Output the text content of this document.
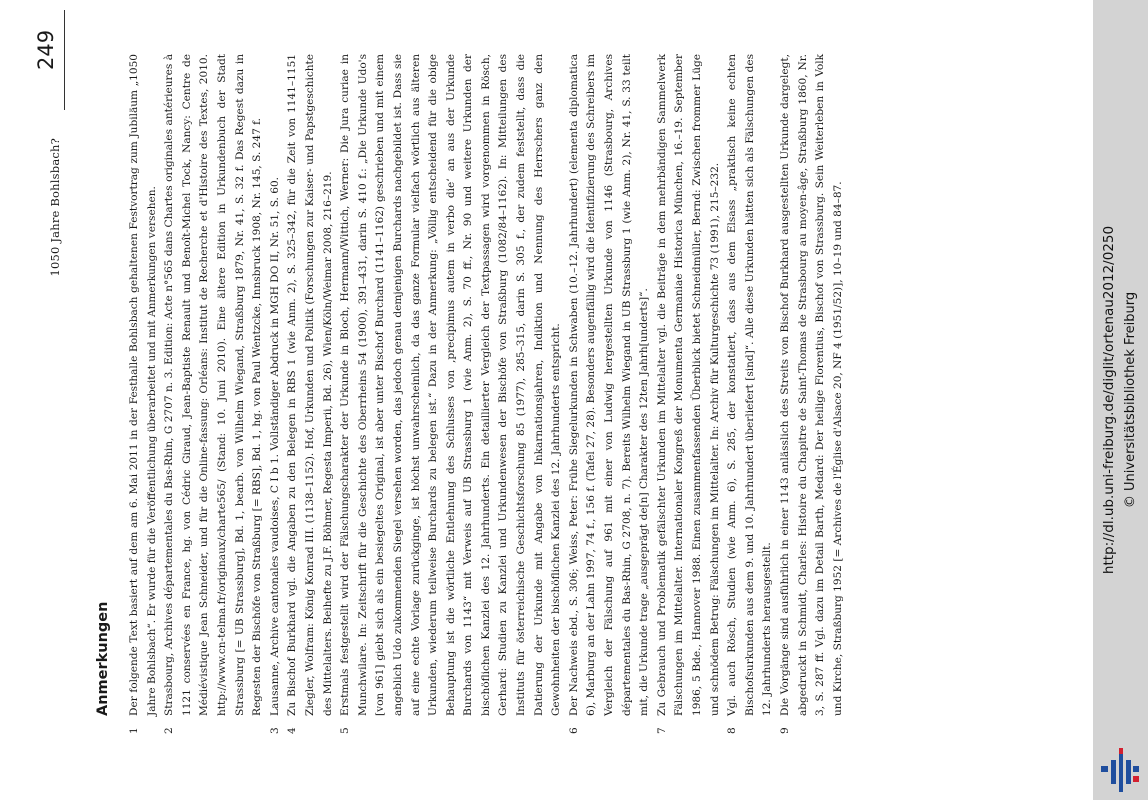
1050 Jahre Bohlsbach?
249
Anmerkungen
1
Der folgende Text basiert auf dem am 6. Mai 2011 in der Festhalle Bohlsbach gehaltenen Festvortrag zum Jubiläum „1050 Jahre Bohlsbach“. Er wurde für die Veröffentlichung überarbeitet und mit Anmerkungen versehen.
2
Strasbourg, Archives départementales du Bas-Rhin, G 2707 n. 3. Edition: Acte n°565 dans Chartes originales antérieures à 1121 conservées en France, hg. von Cédric Giraud, Jean-Baptiste Renault und Benoît-Michel Tock, Nancy: Centre de Médiévistique Jean Schneider, und für die Online-fassung: Orléans: Institut de Recherche et d'Histoire des Textes, 2010. http://www.cn-telma.fr/originaux/charte565/ (Stand: 10. Juni 2010). Eine ältere Edition in Urkundenbuch der Stadt Strassburg [= UB Strassburg], Bd. 1, bearb. von Wilhelm Wiegand, Straßburg 1879, Nr. 41, S. 32 f. Das Regest dazu in Regesten der Bischöfe von Straßburg [= RBS], Bd. 1, hg. von Paul Wentzcke, Innsbruck 1908, Nr. 145, S. 247 f.
3
Lausanne, Archive cantonales vaudoises, C I b 1. Vollständiger Abdruck in MGH DO II, Nr. 51, S. 60.
4
Zu Bischof Burkhard vgl. die Angaben zu den Belegen in RBS 1 (wie Anm. 2), S. 325–342, für die Zeit von 1141–1151 Ziegler, Wolfram: König Konrad III. (1138–1152). Hof, Urkunden und Politik (Forschungen zur Kaiser- und Papstgeschichte des Mittelalters. Beihefte zu J.F. Böhmer, Regesta Imperii, Bd. 26), Wien/Köln/Weimar 2008, 216–219.
5
Erstmals festgestellt wird der Fälschungscharakter der Urkunde in Bloch, Hermann/Wittich, Werner: Die Jura curiae in Munchwilare. In: Zeitschrift für die Geschichte des Oberrheins 54 (1900), 391–431, darin S. 410 f.: „Die Urkunde Udo's [von 961] giebt sich als ein besiegeltes Original, ist aber unter Bischof Burchard (1141–1162) geschrieben und mit einem angeblich Udo zukommenden Siegel versehen worden, das jedoch genau demjenigen Burchards nachgebildet ist. Dass sie auf eine echte Vorlage zurückginge, ist höchst unwahrscheinlich, da das ganze Formular vielfach wörtlich aus älteren Urkunden, wiederum teilweise Burchards zu belegen ist.“ Dazu in der Anmerkung: „Völlig entscheidend für die obige Behauptung ist die wörtliche Entlehnung des Schlusses von ‚precipimus autem in verbo die‘ an aus der Urkunde Burchards von 1143“ mit Verweis auf UB Strassburg 1 (wie Anm. 2), S. 70 ff., Nr. 90 und weitere Urkunden der bischöflichen Kanzlei des 12. Jahrhunderts. Ein detaillierter Vergleich der Textpassagen wird vorgenommen in Rösch, Gerhard: Studien zu Kanzlei und Urkundenwesen der Bischöfe von Straßburg (1082/84–1162). In: Mitteilungen des Instituts für österreichische Geschichtsforschung 85 (1977), 285–315, darin S. 305 f., der zudem feststellt, dass die Datierung der Urkunde mit Angabe von Inkarnationsjahren, Indiktion und Nennung des Herrschers ganz den Gewohnheiten der bischöflichen Kanzlei des 12. Jahrhunderts entspricht.
6
Der Nachweis ebd., S. 306; Weiss, Peter: Frühe Siegelurkunden in Schwaben (10.–12. Jahrhundert) (elementa diplomatica 6), Marburg an der Lahn 1997, 74 f., 156 f. (Tafel 27, 28). Besonders augenfällig wird die Identifizierung des Schreibers im Vergleich der Fälschung auf 961 mit einer von Ludwig hergestellten Urkunde von 1146 (Strasbourg, Archives départementales du Bas-Rhin, G 2708, n. 7). Bereits Wilhelm Wiegand in UB Strassburg 1 (wie Anm. 2), Nr. 41, S. 33 teilt mit, die Urkunde trage „ausgeprägt de[n] Charakter des 12ten Jahrh[underts]“.
7
Zu Gebrauch und Problematik gefälschter Urkunden im Mittelalter vgl. die Beiträge in dem mehrbändigen Sammelwerk Fälschungen im Mittelalter. Internationaler Kongreß der Monumenta Germaniae Historica München, 16.–19. September 1986, 5 Bde., Hannover 1988. Einen zusammenfassenden Überblick bietet Schneidmüller, Bernd: Zwischen frommer Lüge und schnödem Betrug: Fälschungen im Mittelalter. In: Archiv für Kulturgeschichte 73 (1991), 215–232.
8
Vgl. auch Rösch, Studien (wie Anm. 6), S. 285, der konstatiert, dass aus dem Elsass „praktisch keine echten Bischofsurkunden aus dem 9. und 10. Jahrhundert überliefert [sind]“. Alle diese Urkunden hätten sich als Fälschungen des 12. Jahrhunderts herausgestellt.
9
Die Vorgänge sind ausführlich in einer 1143 anlässlich des Streits von Bischof Burkhard ausgestellten Urkunde dargelegt, abgedruckt in Schmidt, Charles: Histoire du Chapitre de Saint-Thomas de Strasbourg au moyen-âge, Straßburg 1860, Nr. 3, S. 287 ff. Vgl. dazu im Detail Barth, Medard: Der heilige Florentius, Bischof von Strassburg. Sein Weiterleben in Volk und Kirche, Straßburg 1952 [= Archives de l'Église d'Alsace 20, NF 4 (1951/52)], 10–19 und 84–87.	http://dl.ub.uni-freiburg.de/diglit/ortenau2012/0250 © Universitätsbibliothek Freiburg
